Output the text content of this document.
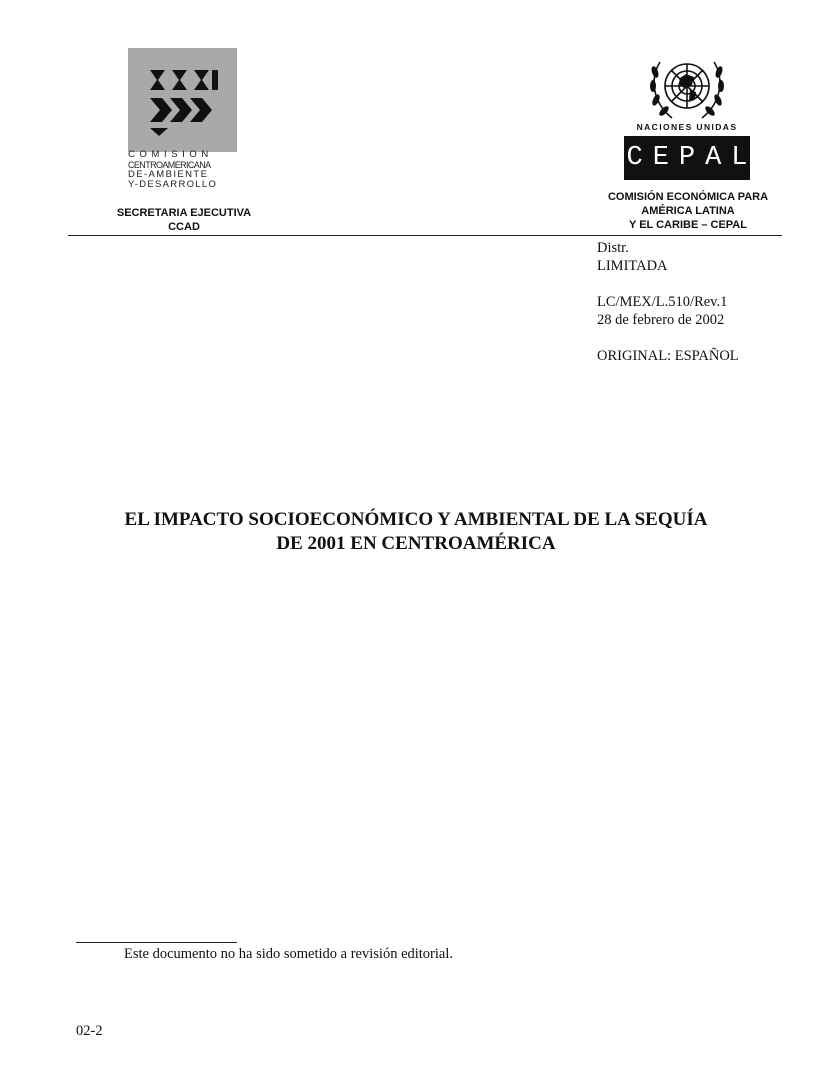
COMISION
CENTROAMERICANA
DE-AMBIENTE
Y-DESARROLLO
SECRETARIA EJECUTIVA
CCAD
NACIONES UNIDAS
CEPAL
COMISIÓN ECONÓMICA PARA
AMÉRICA LATINA
Y EL CARIBE – CEPAL
Distr.
LIMITADA
LC/MEX/L.510/Rev.1
28 de febrero de 2002
ORIGINAL: ESPAÑOL
EL IMPACTO SOCIOECONÓMICO Y AMBIENTAL DE LA SEQUÍA
DE 2001 EN CENTROAMÉRICA
Este documento no ha sido sometido a revisión editorial.
02-2
